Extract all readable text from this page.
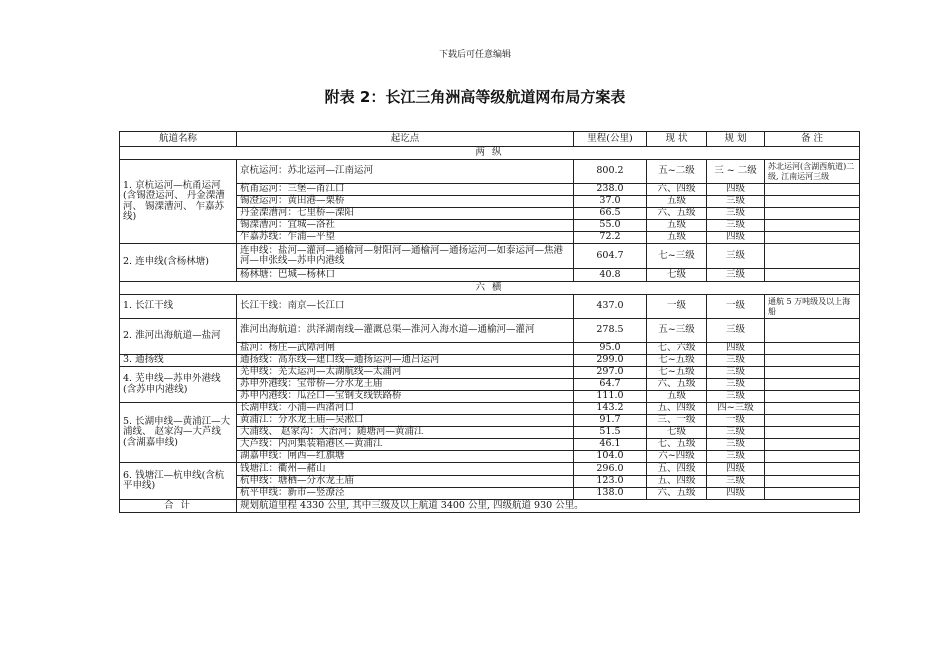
下载后可任意编辑
附表 2：长江三角洲高等级航道网布局方案表
航道名称	起讫点	里程(公里)	现 状	规 划	备 注
两 纵					
1. 京杭运河—杭甬运河(含锡澄运河、 丹金溧漕河、 锡溧漕河、 乍嘉苏线)	京杭运河：苏北运河—江南运河	800.2	五~二级	三 ~ 二级	苏北运河(含湖西航道)二级, 江南运河三级
	杭甬运河：三堡—甬江口	238.0	六、四级	四级	
	锡澄运河：黄田港—栗桥	37.0	五级	三级	
	丹金溧漕河：七里桥—溧阳	66.5	六、五级	三级	
	锡溧漕河：宜城—洛社	55.0	五级	三级	
	乍嘉苏线：乍浦—平望	72.2	五级	四级	
2. 连申线(含杨林塘)	连申线：盐河—灌河—通榆河—射阳河—通榆河—通扬运河—如泰运河—焦港河—申张线—苏申内港线	604.7	七~三级	三级	
	杨林塘：巴城—杨林口	40.8	七级	三级	
六 横					
1. 长江干线	长江干线：南京—长江口	437.0	一级	一级	通航 5 万吨级及以上海船
2. 淮河出海航道—盐河	淮河出海航道：洪泽湖南线—灌溉总渠—淮河入海水道—通榆河—灌河	278.5	五~三级	三级	
	盐河：杨庄—武障河闸	95.0	七、六级	四级	
3. 通扬线	通扬线：高东线—建口线—通扬运河—通吕运河	299.0	七~五级	三级	
4. 芜申线—苏申外港线(含苏申内港线)	芜申线：芜太运河—太湖航线—太浦河	297.0	七~五级	三级	
	苏申外港线：宝带桥—分水龙王庙	64.7	六、五级	三级	
	苏申内港线：瓜泾口—宝钢支线铁路桥	111.0	五级	三级	
5. 长湖申线—黄浦江—大浦线、 赵家沟—大芦线(含湖嘉申线)	长湖申线：小浦—西渚河口	143.2	五、四级	四~三级	
	黄浦江：分水龙王庙—吴淞口	91.7	三、一级	一级	
	大浦线、 赵家沟：大治河；随塘河—黄浦江	51.5	七级	三级	
	大芦线：内河集装箱港区—黄浦江	46.1	七、五级	三级	
	湖嘉申线：闸西—红旗塘	104.0	六~四级	三级	
6. 钱塘江—杭申线(含杭平申线)	钱塘江：衢州—赭山	296.0	五、四级	四级	
	杭申线：塘栖—分水龙王庙	123.0	五、四级	三级	
	杭平申线：新市—竖潦泾	138.0	六、五级	四级	
合 计	规划航道里程 4330 公里, 其中三级及以上航道 3400 公里, 四级航道 930 公里。				
